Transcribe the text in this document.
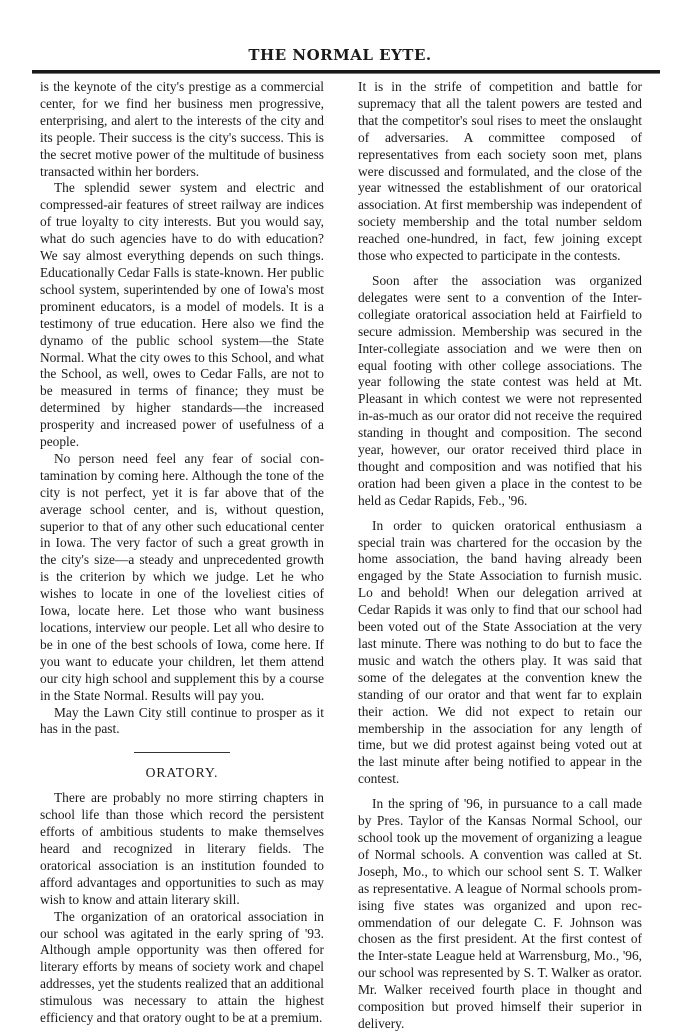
THE NORMAL EYTE.

is the keynote of the city's prestige as a commercial center, for we find her business men progressive, enterprising, and alert to the interests of the city and its people. Their success is the city's success. This is the secret motive power of the multitude of business transacted within her borders.

The splendid sewer system and electric and compressed-air features of street railway are indices of true loyalty to city interests. But you would say, what do such agencies have to do with education? We say almost everything depends on such things. Educationally Cedar Falls is state-known. Her public school system, superintended by one of Iowa's most prominent educators, is a model of models. It is a testimony of true education. Here also we find the dynamo of the public school system—the State Normal. What the city owes to this School, and what the School, as well, owes to Cedar Falls, are not to be measured in terms of finance; they must be determined by higher standards—the increased prosperity and increased power of usefulness of a people.

No person need feel any fear of social contamination by coming here. Although the tone of the city is not perfect, yet it is far above that of the average school center, and is, without question, superior to that of any other such educational center in Iowa. The very factor of such a great growth in the city's size—a steady and unprecedented growth is the criterion by which we judge. Let he who wishes to locate in one of the loveliest cities of Iowa, locate here. Let those who want business locations, interview our people. Let all who desire to be in one of the best schools of Iowa, come here. If you want to educate your children, let them attend our city high school and supplement this by a course in the State Normal. Results will pay you.

May the Lawn City still continue to prosper as it has in the past.

ORATORY.

There are probably no more stirring chapters in school life than those which record the persistent efforts of ambitious students to make themselves heard and recognized in literary fields. The oratorical association is an institution founded to afford advantages and opportunities to such as may wish to know and attain literary skill.

The organization of an oratorical association in our school was agitated in the early spring of '93. Although ample opportunity was then offered for literary efforts by means of society work and chapel addresses, yet the students realized that an additional stimulous was necessary to attain the highest efficiency and that oratory ought to be at a premium.

It is in the strife of competition and battle for supremacy that all the talent powers are tested and that the competitor's soul rises to meet the onslaught of adversaries. A committee composed of representatives from each society soon met, plans were discussed and formulated, and the close of the year witnessed the establishment of our oratorical association. At first membership was independent of society membership and the total number seldom reached one-hundred, in fact, few joining except those who expected to participate in the contests.

Soon after the association was organized delegates were sent to a convention of the Inter-collegiate oratorical association held at Fairfield to secure admission. Membership was secured in the Inter-collegiate association and we were then on equal footing with other college associations. The year following the state contest was held at Mt. Pleasant in which contest we were not represented in-as-much as our orator did not receive the required standing in thought and composition. The second year, however, our orator received third place in thought and composition and was notified that his oration had been given a place in the contest to be held as Cedar Rapids, Feb., '96.

In order to quicken oratorical enthusiasm a special train was chartered for the occasion by the home association, the band having already been engaged by the State Association to furnish music. Lo and behold! When our delegation arrived at Cedar Rapids it was only to find that our school had been voted out of the State Association at the very last minute. There was nothing to do but to face the music and watch the others play. It was said that some of the delegates at the convention knew the standing of our orator and that went far to explain their action. We did not expect to retain our membership in the association for any length of time, but we did protest against being voted out at the last minute after being notified to appear in the contest.

In the spring of '96, in pursuance to a call made by Pres. Taylor of the Kansas Normal School, our school took up the movement of organizing a league of Normal schools. A convention was called at St. Joseph, Mo., to which our school sent S. T. Walker as representative. A league of Normal schools promising five states was organized and upon recommendation of our delegate C. F. Johnson was chosen as the first president. At the first contest of the Inter-state League held at Warrensburg, Mo., '96, our school was represented by S. T. Walker as orator. Mr. Walker received fourth place in thought and composition but proved himself their superior in delivery.
